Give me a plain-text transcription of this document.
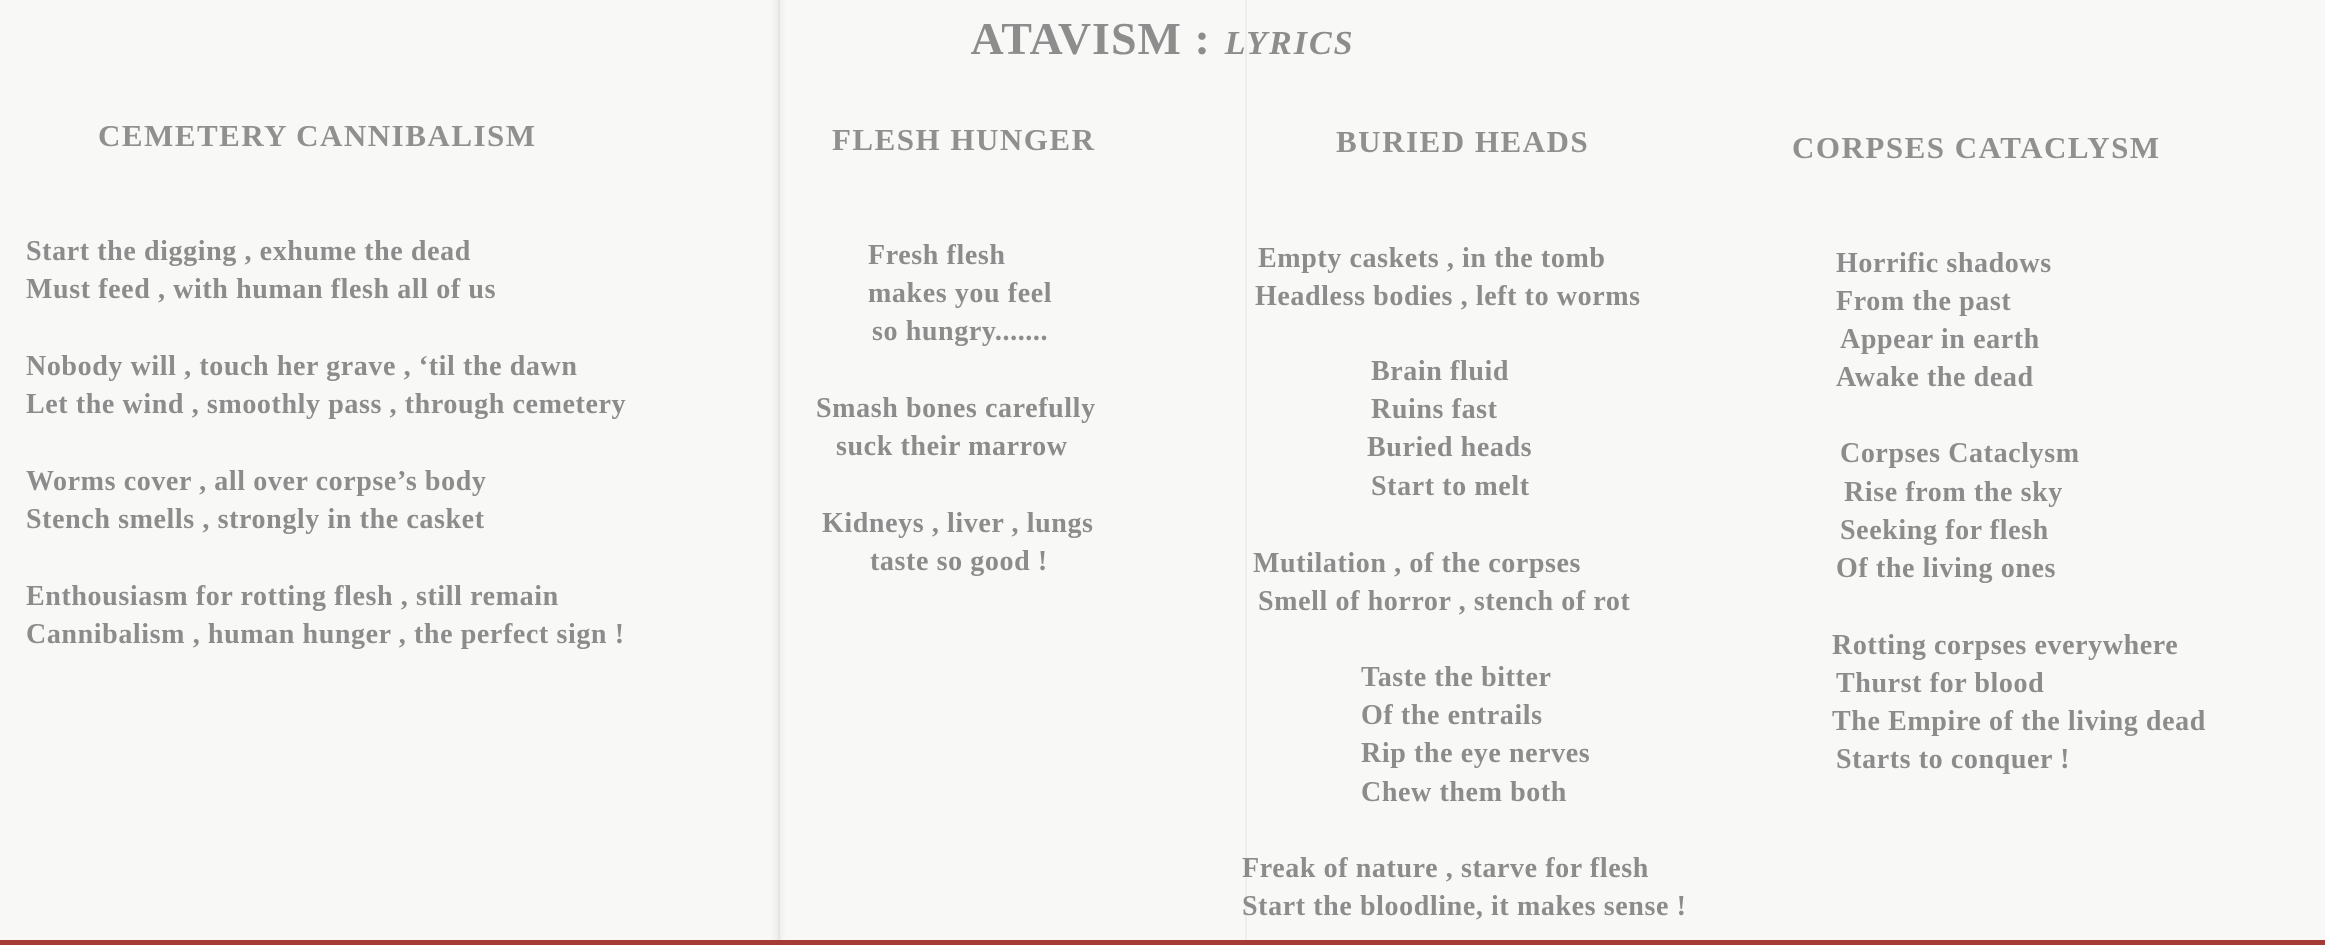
ATAVISM : LYRICS
CEMETERY CANNIBALISM
Start the digging , exhume the dead
Must feed , with human flesh all of us
Nobody will , touch her grave , ‘til the dawn
Let the wind , smoothly pass , through cemetery
Worms cover , all over corpse’s body
Stench smells , strongly in the casket
Enthousiasm for rotting flesh , still remain
Cannibalism , human hunger , the perfect sign !
FLESH HUNGER
Fresh flesh
makes you feel
so hungry.......
Smash bones carefully
suck their marrow
Kidneys , liver , lungs
taste so good !
BURIED HEADS
Empty caskets , in the tomb
Headless bodies , left to worms
Brain fluid
Ruins fast
Buried heads
Start to melt
Mutilation , of the corpses
Smell of horror , stench of rot
Taste the bitter
Of the entrails
Rip the eye nerves
Chew them both
Freak of nature , starve for flesh
Start the bloodline, it makes sense !
CORPSES CATACLYSM
Horrific shadows
From the past
Appear in earth
Awake the dead
Corpses Cataclysm
Rise from the sky
Seeking for flesh
Of the living ones
Rotting corpses everywhere
Thurst for blood
The Empire of the living dead
Starts to conquer !
